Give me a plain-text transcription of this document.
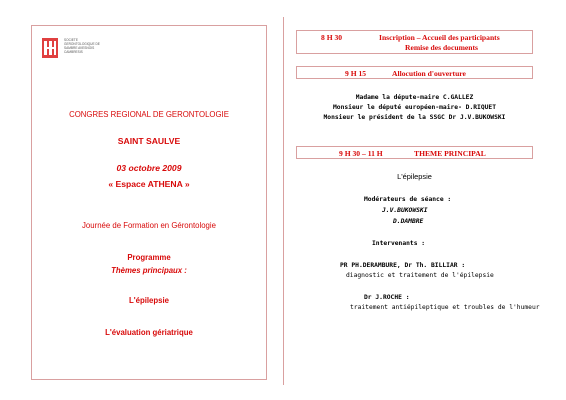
SOCIETE
GERONTOLOGIQUE DE
SAMBRE AVESNOIS
CAMBRESIS
CONGRES REGIONAL DE GERONTOLOGIE
SAINT SAULVE
03 octobre 2009
« Espace ATHENA »
Journée de Formation en Gérontologie
Programme
Thèmes principaux :
L'épilepsie
L'évaluation gériatrique
8 H 30	Inscription – Accueil des participants
Remise des documents
9 H 15	Allocution d'ouverture
Madame la députe-maire C.GALLEZ
Monsieur le député européen-maire- D.RIQUET
Monsieur le président de la SSGC Dr J.V.BUKOWSKI
9 H 30 – 11 H	THEME PRINCIPAL
L'épilepsie
Modérateurs de séance :
J.V.BUKOWSKI
D.DAMBRE
Intervenants :
PR PH.DERAMBURE, Dr Th. BILLIAR :
diagnostic et traitement de l'épilepsie
Dr J.ROCHE :
traitement antiépileptique et troubles de l'humeur
